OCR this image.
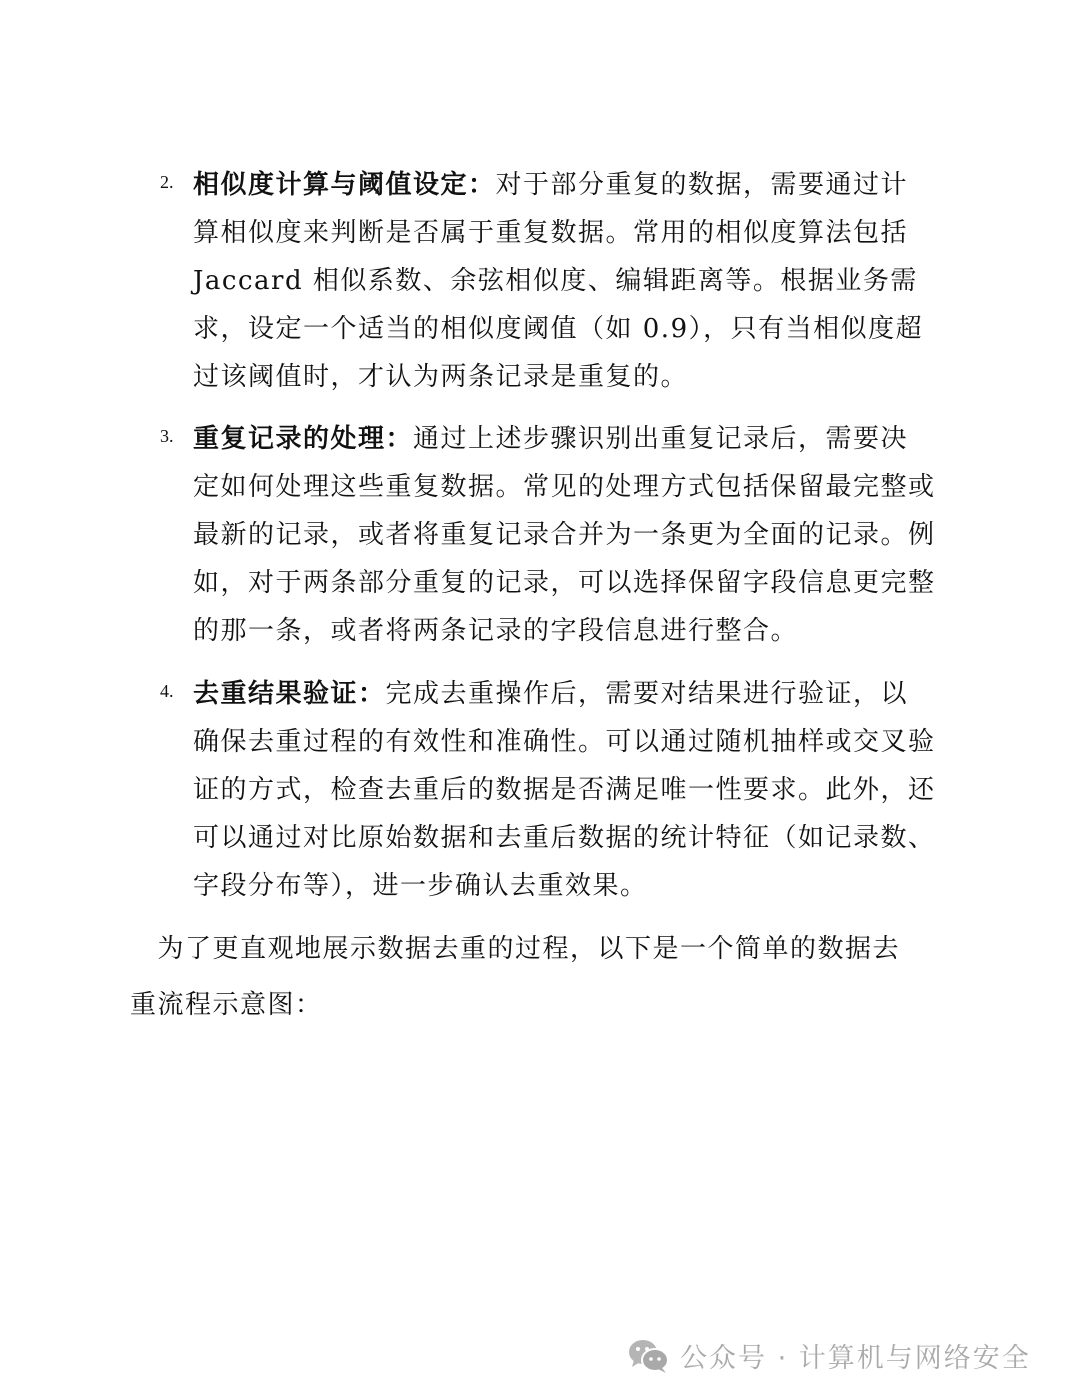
2. 相似度计算与阈值设定：对于部分重复的数据，需要通过计
算相似度来判断是否属于重复数据。常用的相似度算法包括
Jaccard 相似系数、余弦相似度、编辑距离等。根据业务需
求，设定一个适当的相似度阈值（如 0.9），只有当相似度超
过该阈值时，才认为两条记录是重复的。
3. 重复记录的处理：通过上述步骤识别出重复记录后，需要决
定如何处理这些重复数据。常见的处理方式包括保留最完整或
最新的记录，或者将重复记录合并为一条更为全面的记录。例
如，对于两条部分重复的记录，可以选择保留字段信息更完整
的那一条，或者将两条记录的字段信息进行整合。
4. 去重结果验证：完成去重操作后，需要对结果进行验证，以
确保去重过程的有效性和准确性。可以通过随机抽样或交叉验
证的方式，检查去重后的数据是否满足唯一性要求。此外，还
可以通过对比原始数据和去重后数据的统计特征（如记录数、
字段分布等），进一步确认去重效果。
　为了更直观地展示数据去重的过程，以下是一个简单的数据去
重流程示意图：
公众号 · 计算机与网络安全
